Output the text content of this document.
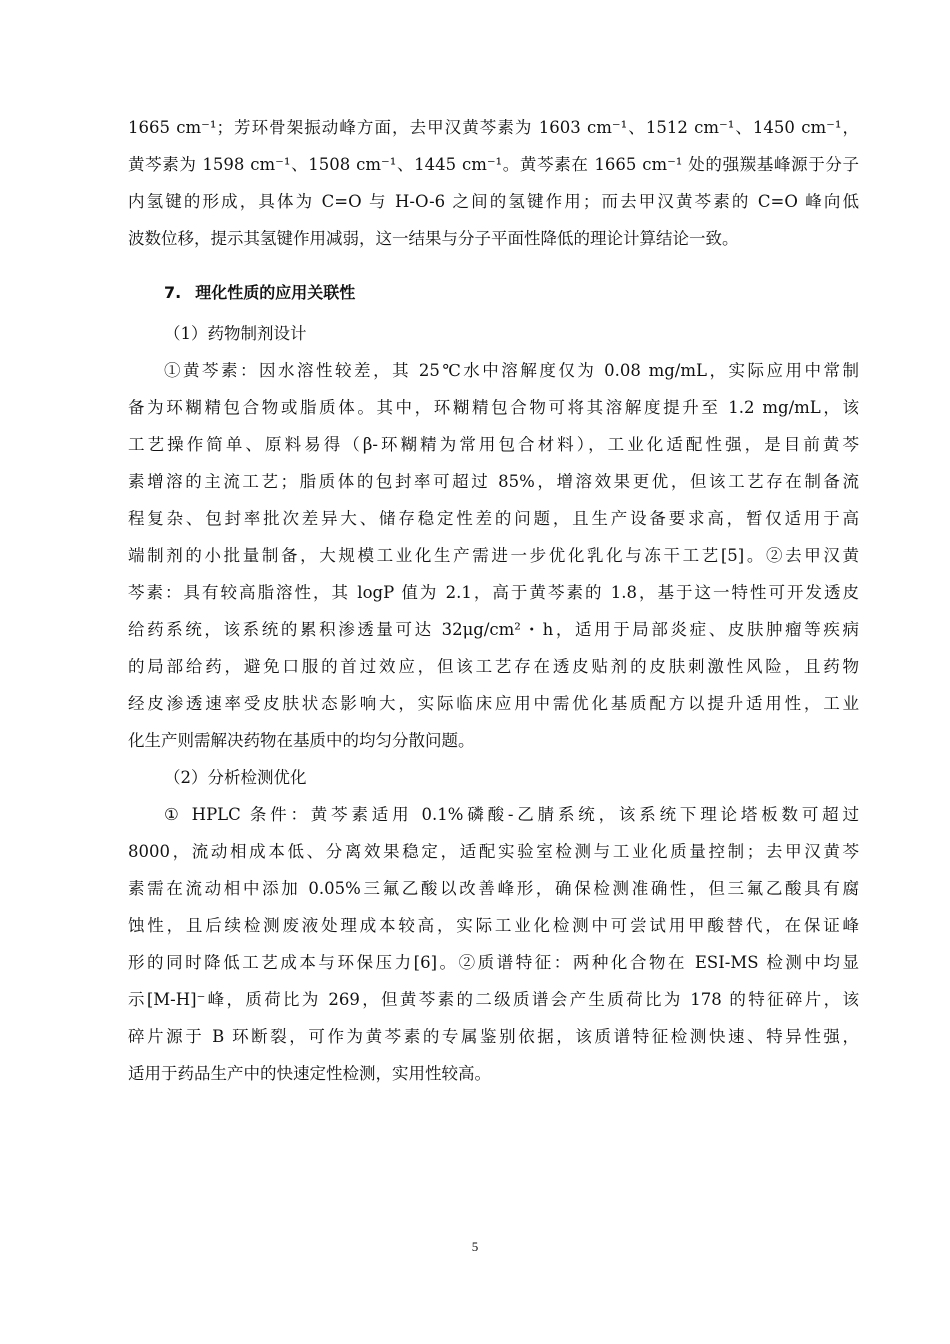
1665 cm⁻¹；芳环骨架振动峰方面，去甲汉黄芩素为 1603 cm⁻¹、1512 cm⁻¹、1450 cm⁻¹，
黄芩素为 1598 cm⁻¹、1508 cm⁻¹、1445 cm⁻¹。黄芩素在 1665 cm⁻¹ 处的强羰基峰源于分子
内氢键的形成，具体为 C=O 与 H-O-6 之间的氢键作用；而去甲汉黄芩素的 C=O 峰向低
波数位移，提示其氢键作用减弱，这一结果与分子平面性降低的理论计算结论一致。
7. 理化性质的应用关联性
（1）药物制剂设计
①黄芩素：因水溶性较差，其 25℃水中溶解度仅为 0.08 mg/mL，实际应用中常制
备为环糊精包合物或脂质体。其中，环糊精包合物可将其溶解度提升至 1.2 mg/mL，该
工艺操作简单、原料易得（β-环糊精为常用包合材料），工业化适配性强，是目前黄芩
素增溶的主流工艺；脂质体的包封率可超过 85%，增溶效果更优，但该工艺存在制备流
程复杂、包封率批次差异大、储存稳定性差的问题，且生产设备要求高，暂仅适用于高
端制剂的小批量制备，大规模工业化生产需进一步优化乳化与冻干工艺[5]。②去甲汉黄
芩素：具有较高脂溶性，其 logP 值为 2.1，高于黄芩素的 1.8，基于这一特性可开发透皮
给药系统，该系统的累积渗透量可达 32μg/cm²・h，适用于局部炎症、皮肤肿瘤等疾病
的局部给药，避免口服的首过效应，但该工艺存在透皮贴剂的皮肤刺激性风险，且药物
经皮渗透速率受皮肤状态影响大，实际临床应用中需优化基质配方以提升适用性，工业
化生产则需解决药物在基质中的均匀分散问题。
（2）分析检测优化
① HPLC 条件：黄芩素适用 0.1%磷酸-乙腈系统，该系统下理论塔板数可超过
8000，流动相成本低、分离效果稳定，适配实验室检测与工业化质量控制；去甲汉黄芩
素需在流动相中添加 0.05%三氟乙酸以改善峰形，确保检测准确性，但三氟乙酸具有腐
蚀性，且后续检测废液处理成本较高，实际工业化检测中可尝试用甲酸替代，在保证峰
形的同时降低工艺成本与环保压力[6]。②质谱特征：两种化合物在 ESI-MS 检测中均显
示[M-H]⁻峰，质荷比为 269，但黄芩素的二级质谱会产生质荷比为 178 的特征碎片，该
碎片源于 B 环断裂，可作为黄芩素的专属鉴别依据，该质谱特征检测快速、特异性强，
适用于药品生产中的快速定性检测，实用性较高。
5
